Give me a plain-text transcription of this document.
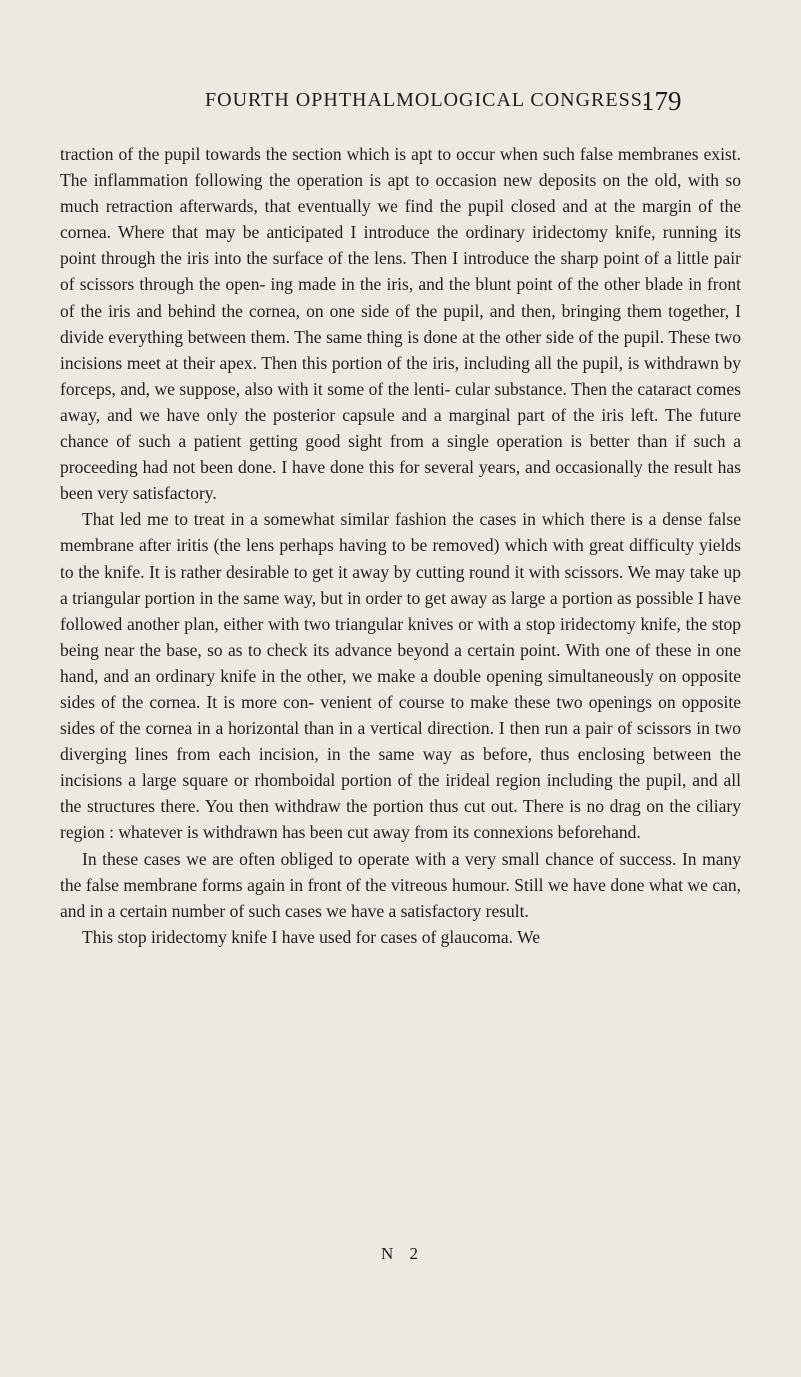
FOURTH OPHTHALMOLOGICAL CONGRESS.
179

traction of the pupil towards the section which is apt to occur when such false membranes exist. The inflammation following the operation is apt to occasion new deposits on the old, with so much retraction afterwards, that eventually we find the pupil closed and at the margin of the cornea. Where that may be anticipated I introduce the ordinary iridectomy knife, running its point through the iris into the surface of the lens. Then I introduce the sharp point of a little pair of scissors through the open- ing made in the iris, and the blunt point of the other blade in front of the iris and behind the cornea, on one side of the pupil, and then, bringing them together, I divide everything between them. The same thing is done at the other side of the pupil. These two incisions meet at their apex. Then this portion of the iris, including all the pupil, is withdrawn by forceps, and, we suppose, also with it some of the lenti- cular substance. Then the cataract comes away, and we have only the posterior capsule and a marginal part of the iris left. The future chance of such a patient getting good sight from a single operation is better than if such a proceeding had not been done. I have done this for several years, and occasionally the result has been very satisfactory.

That led me to treat in a somewhat similar fashion the cases in which there is a dense false membrane after iritis (the lens perhaps having to be removed) which with great difficulty yields to the knife. It is rather desirable to get it away by cutting round it with scissors. We may take up a triangular portion in the same way, but in order to get away as large a portion as possible I have followed another plan, either with two triangular knives or with a stop iridectomy knife, the stop being near the base, so as to check its advance beyond a certain point. With one of these in one hand, and an ordinary knife in the other, we make a double opening simultaneously on opposite sides of the cornea. It is more con- venient of course to make these two openings on opposite sides of the cornea in a horizontal than in a vertical direction. I then run a pair of scissors in two diverging lines from each incision, in the same way as before, thus enclosing between the incisions a large square or rhomboidal portion of the irideal region including the pupil, and all the structures there. You then withdraw the portion thus cut out. There is no drag on the ciliary region : whatever is withdrawn has been cut away from its connexions beforehand.

In these cases we are often obliged to operate with a very small chance of success. In many the false membrane forms again in front of the vitreous humour. Still we have done what we can, and in a certain number of such cases we have a satisfactory result.

This stop iridectomy knife I have used for cases of glaucoma. We

N 2
